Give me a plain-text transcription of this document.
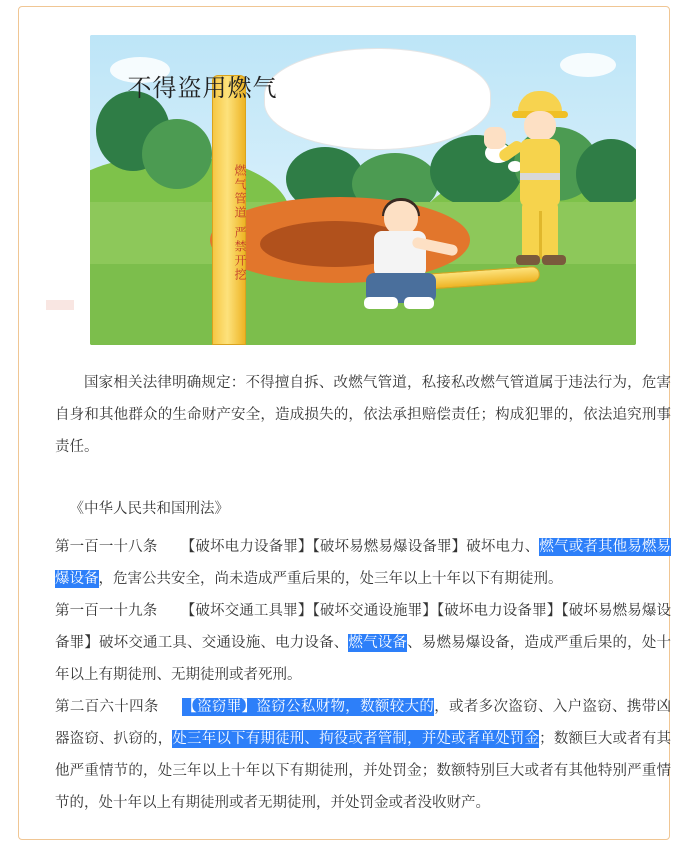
燃气管道 严禁开挖
不得盗用燃气

国家相关法律明确规定：不得擅自拆、改燃气管道，私接私改燃气管道属于违法行为，危害自身和其他群众的生命财产安全，造成损失的，依法承担赔偿责任；构成犯罪的，依法追究刑事责任。

《中华人民共和国刑法》

第一百一十八条 【破坏电力设备罪】【破坏易燃易爆设备罪】破坏电力、燃气或者其他易燃易爆设备，危害公共安全，尚未造成严重后果的，处三年以上十年以下有期徒刑。

第一百一十九条 【破坏交通工具罪】【破坏交通设施罪】【破坏电力设备罪】【破坏易燃易爆设备罪】破坏交通工具、交通设施、电力设备、燃气设备、易燃易爆设备，造成严重后果的，处十年以上有期徒刑、无期徒刑或者死刑。

第二百六十四条 【盗窃罪】盗窃公私财物，数额较大的，或者多次盗窃、入户盗窃、携带凶器盗窃、扒窃的，处三年以下有期徒刑、拘役或者管制，并处或者单处罚金；数额巨大或者有其他严重情节的，处三年以上十年以下有期徒刑，并处罚金；数额特别巨大或者有其他特别严重情节的，处十年以上有期徒刑或者无期徒刑，并处罚金或者没收财产。
